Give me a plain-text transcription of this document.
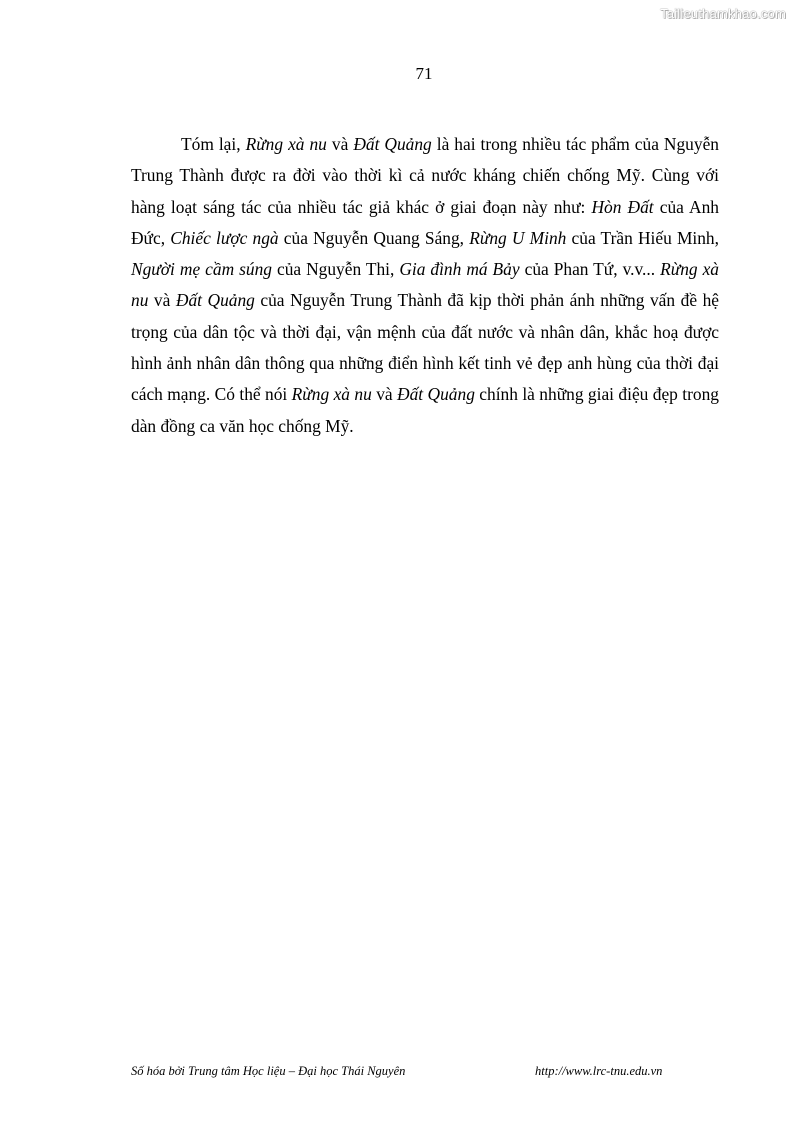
Tailieuthamkhao.com
71

Tóm lại, Rừng xà nu và Đất Quảng là hai trong nhiều tác phẩm của Nguyễn Trung Thành được ra đời vào thời kì cả nước kháng chiến chống Mỹ. Cùng với hàng loạt sáng tác của nhiều tác giả khác ở giai đoạn này như: Hòn Đất của Anh Đức, Chiếc lược ngà của Nguyễn Quang Sáng, Rừng U Minh của Trần Hiếu Minh, Người mẹ cầm súng của Nguyễn Thi, Gia đình má Bảy của Phan Tứ, v.v... Rừng xà nu và Đất Quảng của Nguyễn Trung Thành đã kịp thời phản ánh những vấn đề hệ trọng của dân tộc và thời đại, vận mệnh của đất nước và nhân dân, khắc hoạ được hình ảnh nhân dân thông qua những điển hình kết tinh vẻ đẹp anh hùng của thời đại cách mạng. Có thể nói Rừng xà nu và Đất Quảng chính là những giai điệu đẹp trong dàn đồng ca văn học chống Mỹ.

Số hóa bởi Trung tâm Học liệu – Đại học Thái Nguyên	http://www.lrc-tnu.edu.vn
